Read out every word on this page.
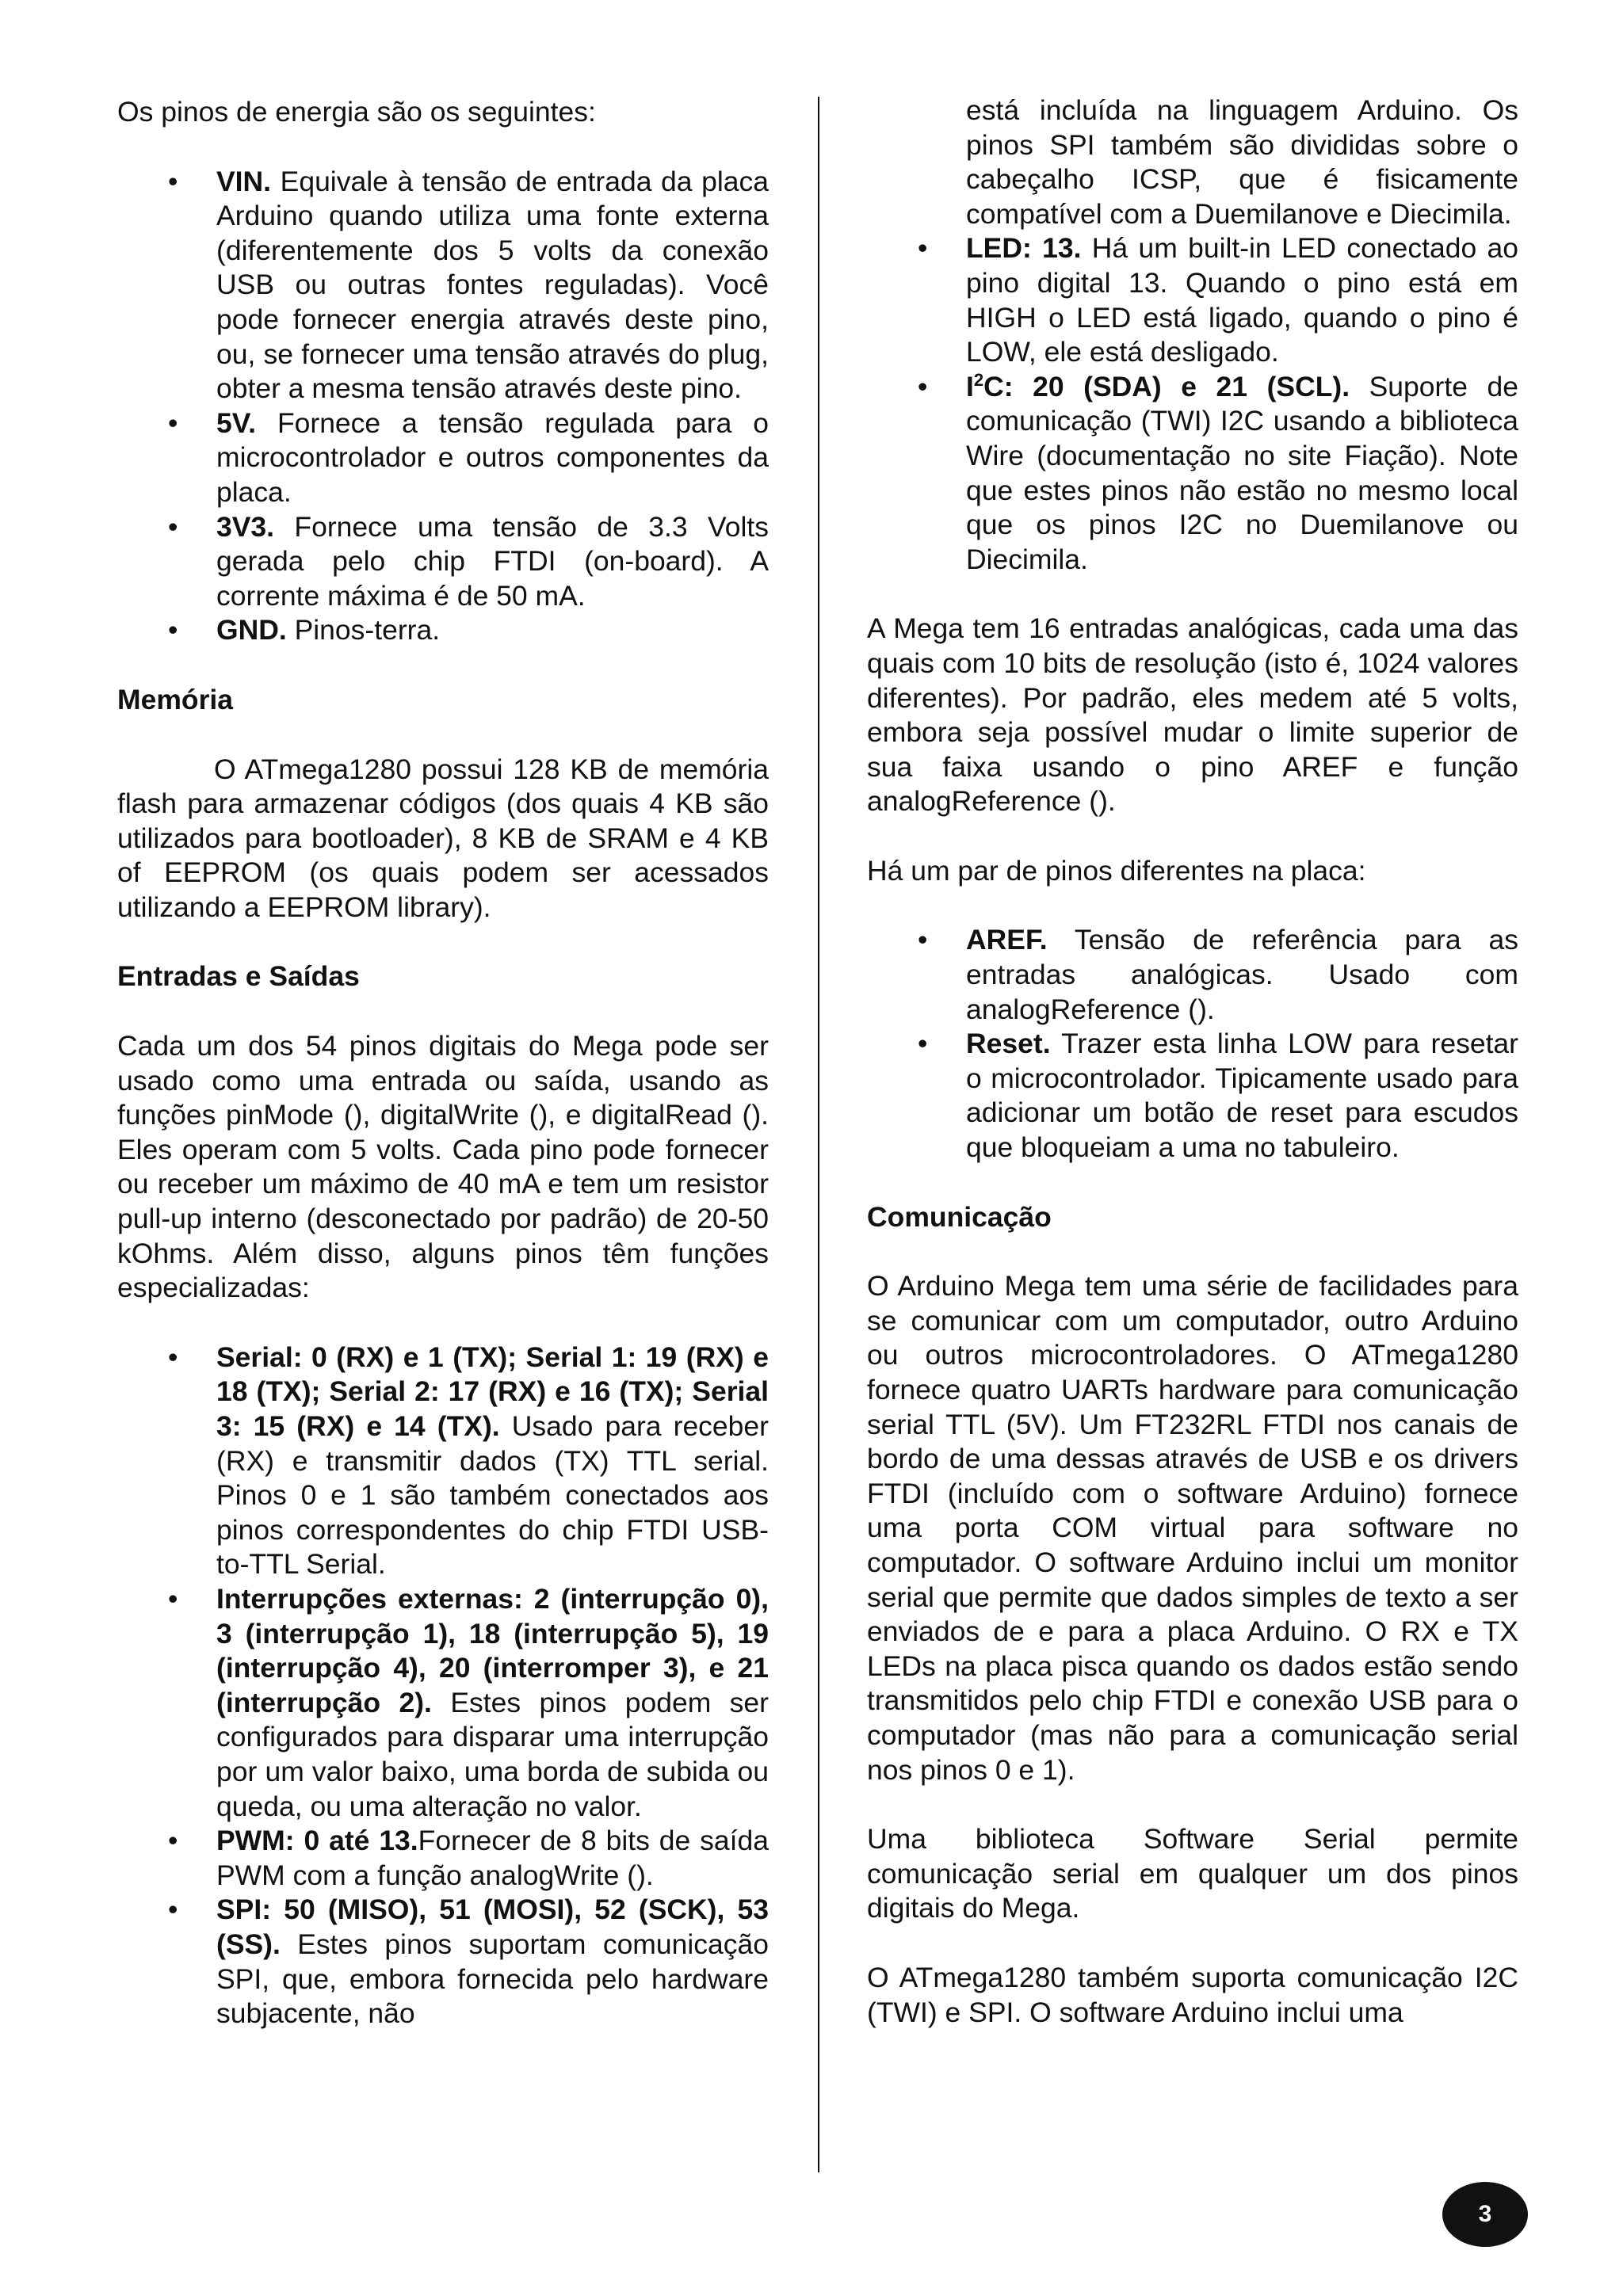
Os pinos de energia são os seguintes:

• VIN. Equivale à tensão de entrada da placa Arduino quando utiliza uma fonte externa (diferentemente dos 5 volts da conexão USB ou outras fontes reguladas). Você pode fornecer energia através deste pino, ou, se fornecer uma tensão através do plug, obter a mesma tensão através deste pino.
• 5V. Fornece a tensão regulada para o microcontrolador e outros componentes da placa.
• 3V3. Fornece uma tensão de 3.3 Volts gerada pelo chip FTDI (on-board). A corrente máxima é de 50 mA.
• GND. Pinos-terra.

Memória

O ATmega1280 possui 128 KB de memória flash para armazenar códigos (dos quais 4 KB são utilizados para bootloader), 8 KB de SRAM e 4 KB of EEPROM (os quais podem ser acessados utilizando a EEPROM library).

Entradas e Saídas

Cada um dos 54 pinos digitais do Mega pode ser usado como uma entrada ou saída, usando as funções pinMode (), digitalWrite (), e digitalRead (). Eles operam com 5 volts. Cada pino pode fornecer ou receber um máximo de 40 mA e tem um resistor pull-up interno (desconectado por padrão) de 20-50 kOhms. Além disso, alguns pinos têm funções especializadas:

• Serial: 0 (RX) e 1 (TX); Serial 1: 19 (RX) e 18 (TX); Serial 2: 17 (RX) e 16 (TX); Serial 3: 15 (RX) e 14 (TX). Usado para receber (RX) e transmitir dados (TX) TTL serial. Pinos 0 e 1 são também conectados aos pinos correspondentes do chip FTDI USB-to-TTL Serial.
• Interrupções externas: 2 (interrupção 0), 3 (interrupção 1), 18 (interrupção 5), 19 (interrupção 4), 20 (interromper 3), e 21 (interrupção 2). Estes pinos podem ser configurados para disparar uma interrupção por um valor baixo, uma borda de subida ou queda, ou uma alteração no valor.
• PWM: 0 até 13.Fornecer de 8 bits de saída PWM com a função analogWrite ().
• SPI: 50 (MISO), 51 (MOSI), 52 (SCK), 53 (SS). Estes pinos suportam comunicação SPI, que, embora fornecida pelo hardware subjacente, não
está incluída na linguagem Arduino. Os pinos SPI também são divididas sobre o cabeçalho ICSP, que é fisicamente compatível com a Duemilanove e Diecimila.
• LED: 13. Há um built-in LED conectado ao pino digital 13. Quando o pino está em HIGH o LED está ligado, quando o pino é LOW, ele está desligado.
• $I^2C$: 20 (SDA) e 21 (SCL). Suporte de comunicação (TWI) I2C usando a biblioteca Wire (documentação no site Fiação). Note que estes pinos não estão no mesmo local que os pinos I2C no Duemilanove ou Diecimila.

A Mega tem 16 entradas analógicas, cada uma das quais com 10 bits de resolução (isto é, 1024 valores diferentes). Por padrão, eles medem até 5 volts, embora seja possível mudar o limite superior de sua faixa usando o pino AREF e função analogReference ().

Há um par de pinos diferentes na placa:

• AREF. Tensão de referência para as entradas analógicas. Usado com analogReference ().
• Reset. Trazer esta linha LOW para resetar o microcontrolador. Tipicamente usado para adicionar um botão de reset para escudos que bloqueiam a uma no tabuleiro.

Comunicação

O Arduino Mega tem uma série de facilidades para se comunicar com um computador, outro Arduino ou outros microcontroladores. O ATmega1280 fornece quatro UARTs hardware para comunicação serial TTL (5V). Um FT232RL FTDI nos canais de bordo de uma dessas através de USB e os drivers FTDI (incluído com o software Arduino) fornece uma porta COM virtual para software no computador. O software Arduino inclui um monitor serial que permite que dados simples de texto a ser enviados de e para a placa Arduino. O RX e TX LEDs na placa pisca quando os dados estão sendo transmitidos pelo chip FTDI e conexão USB para o computador (mas não para a comunicação serial nos pinos 0 e 1).

Uma biblioteca Software Serial permite comunicação serial em qualquer um dos pinos digitais do Mega.

O ATmega1280 também suporta comunicação I2C (TWI) e SPI. O software Arduino inclui uma

3
